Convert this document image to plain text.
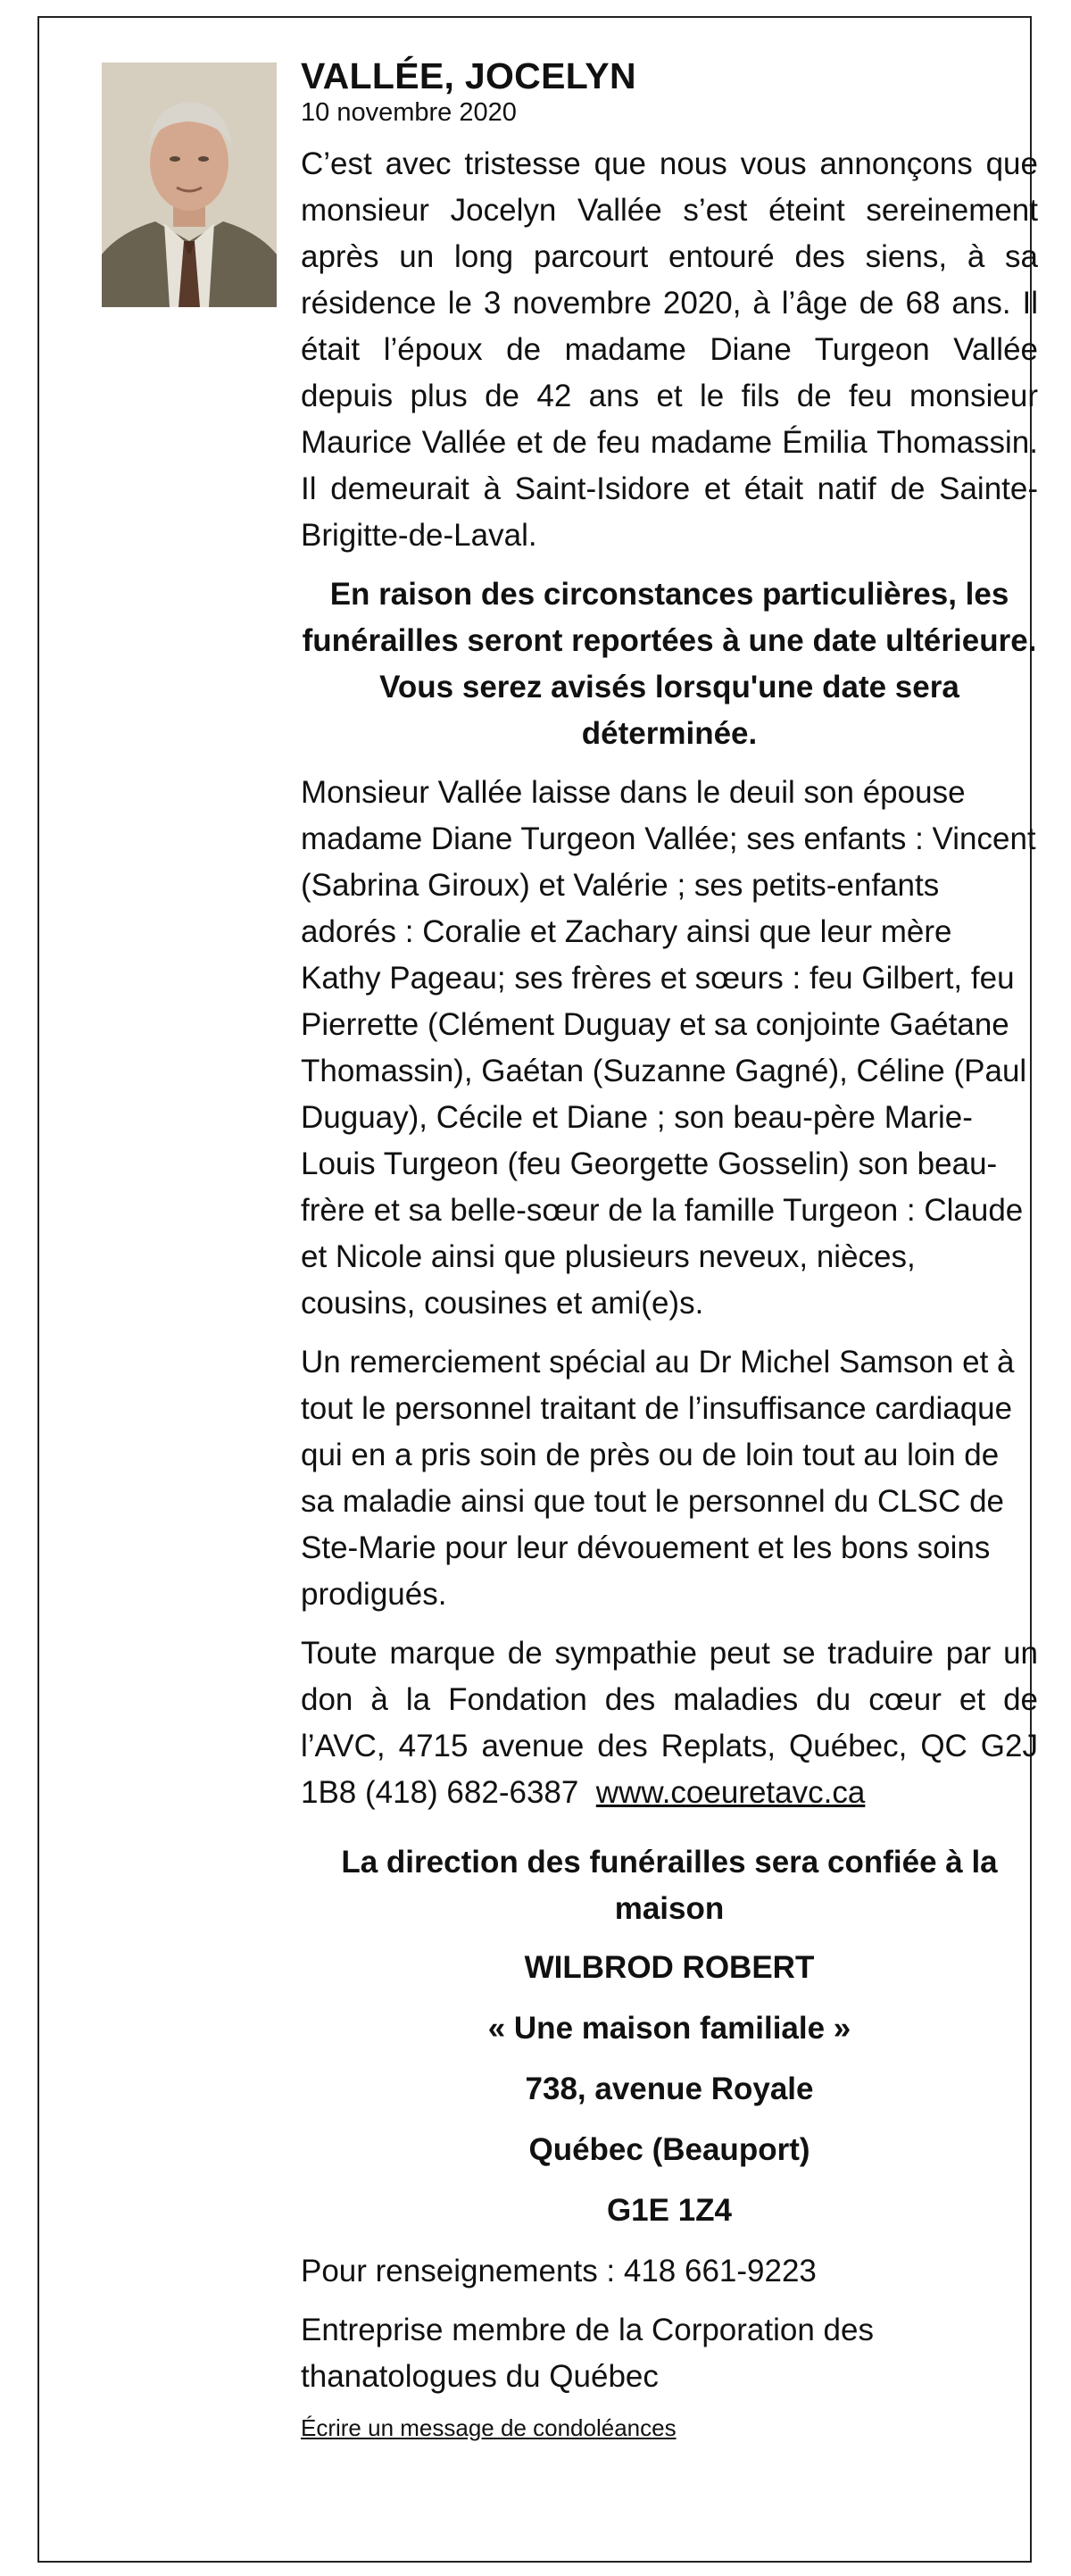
VALLÉE, JOCELYN
10 novembre 2020

C’est avec tristesse que nous vous annonçons que monsieur Jocelyn Vallée s’est éteint sereinement après un long parcourt entouré des siens, à sa résidence le 3 novembre 2020, à l’âge de 68 ans. Il était l’époux de madame Diane Turgeon Vallée depuis plus de 42 ans et le fils de feu monsieur Maurice Vallée et de feu madame Émilia Thomassin. Il demeurait à Saint-Isidore et était natif de Sainte-Brigitte-de-Laval.

En raison des circonstances particulières, les funérailles seront reportées à une date ultérieure. Vous serez avisés lorsqu'une date sera déterminée.

Monsieur Vallée laisse dans le deuil son épouse madame Diane Turgeon Vallée; ses enfants : Vincent (Sabrina Giroux) et Valérie ; ses petits-enfants adorés : Coralie et Zachary ainsi que leur mère Kathy Pageau; ses frères et sœurs : feu Gilbert, feu Pierrette (Clément Duguay et sa conjointe Gaétane Thomassin), Gaétan (Suzanne Gagné), Céline (Paul Duguay), Cécile et Diane ; son beau-père Marie-Louis Turgeon (feu Georgette Gosselin) son beau-frère et sa belle-sœur de la famille Turgeon : Claude et Nicole ainsi que plusieurs neveux, nièces, cousins, cousines et ami(e)s.

Un remerciement spécial au Dr Michel Samson et à tout le personnel traitant de l’insuffisance cardiaque qui en a pris soin de près ou de loin tout au loin de sa maladie ainsi que tout le personnel du CLSC de Ste-Marie pour leur dévouement et les bons soins prodigués.

Toute marque de sympathie peut se traduire par un don à la Fondation des maladies du cœur et de l’AVC, 4715 avenue des Replats, Québec, QC G2J 1B8 (418) 682-6387 www.coeuretavc.ca

La direction des funérailles sera confiée à la maison

WILBROD ROBERT
« Une maison familiale »
738, avenue Royale
Québec (Beauport)
G1E 1Z4

Pour renseignements : 418 661-9223

Entreprise membre de la Corporation des thanatologues du Québec

Écrire un message de condoléances
